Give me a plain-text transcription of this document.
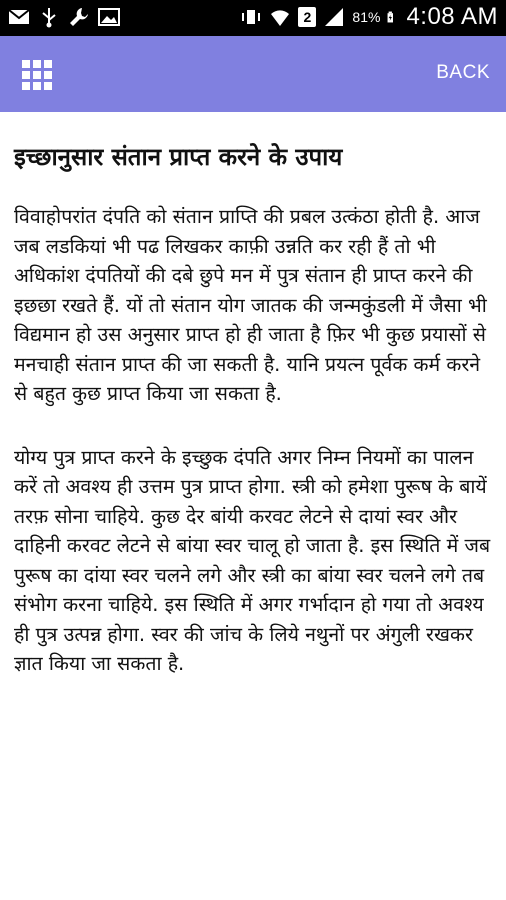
2	81% 4:08 AM
BACK
इच्छानुसार संतान प्राप्त करने के उपाय

विवाहोपरांत दंपति को संतान प्राप्ति की प्रबल उत्कंठा होती है. आज जब लडकियां भी पढ लिखकर काफ़ी उन्नति कर रही हैं तो भी अधिकांश दंपतियों की दबे छुपे मन में पुत्र संतान ही प्राप्त करने की इछछा रखते हैं. यों तो संतान योग जातक की जन्मकुंडली में जैसा भी विद्यमान हो उस अनुसार प्राप्त हो ही जाता है फ़िर भी कुछ प्रयासों से मनचाही संतान प्राप्त की जा सकती है. यानि प्रयत्न पूर्वक कर्म करने से बहुत कुछ प्राप्त किया जा सकता है.

योग्य पुत्र प्राप्त करने के इच्छुक दंपति अगर निम्न नियमों का पालन करें तो अवश्य ही उत्तम पुत्र प्राप्त होगा. स्त्री को हमेशा पुरूष के बायें तरफ़ सोना चाहिये. कुछ देर बांयी करवट लेटने से दायां स्वर और दाहिनी करवट लेटने से बांया स्वर चालू हो जाता है. इस स्थिति में जब पुरूष का दांया स्वर चलने लगे और स्त्री का बांया स्वर चलने लगे तब संभोग करना चाहिये. इस स्थिति में अगर गर्भादान हो गया तो अवश्य ही पुत्र उत्पन्न होगा. स्वर की जांच के लिये नथुनों पर अंगुली रखकर ज्ञात किया जा सकता है.
